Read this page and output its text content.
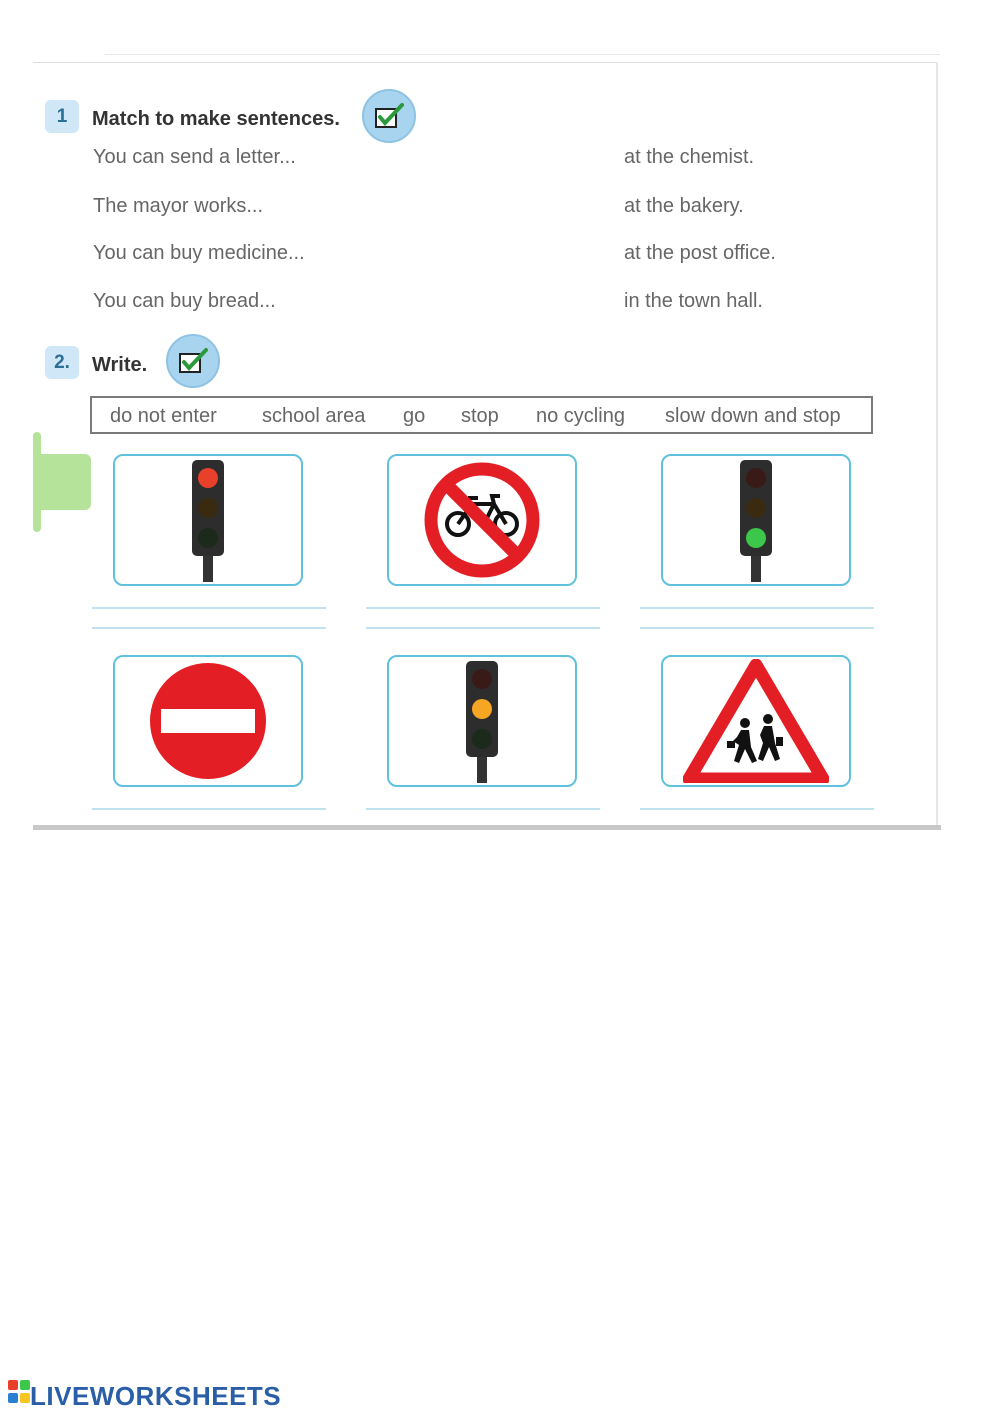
1	Match to make sentences.
You can send a letter...
The mayor works...
You can buy medicine...
You can buy bread...
at the chemist.
at the bakery.
at the post office.
in the town hall.
2.	Write.
do not enter school area go stop no cycling slow down and stop
LIVEWORKSHEETS
